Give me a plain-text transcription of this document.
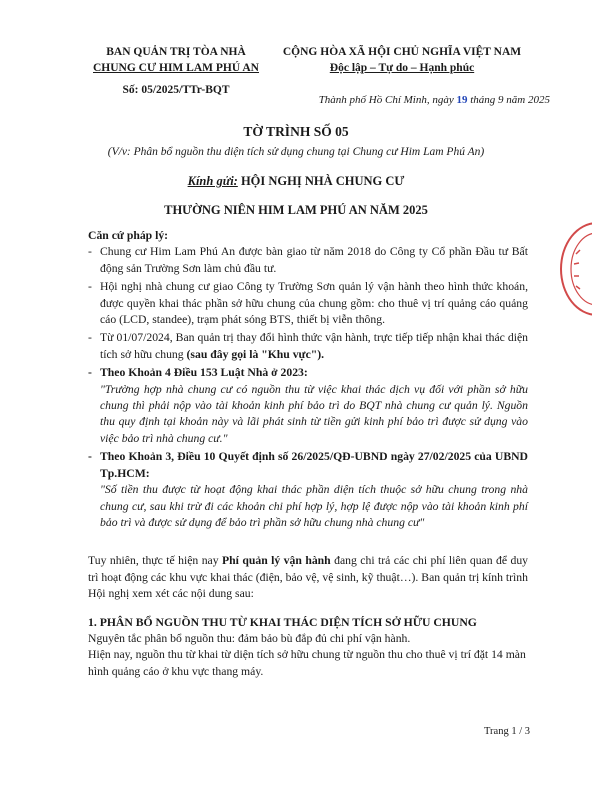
BAN QUẢN TRỊ TÒA NHÀ
CHUNG CƯ HIM LAM PHÚ AN
Số: 05/2025/TTr-BQT
CỘNG HÒA XÃ HỘI CHỦ NGHĨA VIỆT NAM
Độc lập – Tự do – Hạnh phúc
Thành phố Hồ Chí Minh, ngày 19 tháng 9 năm 2025
TỜ TRÌNH SỐ 05
(V/v: Phân bổ nguồn thu diện tích sử dụng chung tại Chung cư Him Lam Phú An)
Kính gửi: HỘI NGHỊ NHÀ CHUNG CƯ
THƯỜNG NIÊN HIM LAM PHÚ AN NĂM 2025

Căn cứ pháp lý:

- Chung cư Him Lam Phú An được bàn giao từ năm 2018 do Công ty Cổ phần Đầu tư Bất động sản Trường Sơn làm chủ đầu tư.
- Hội nghị nhà chung cư giao Công ty Trường Sơn quản lý vận hành theo hình thức khoán, được quyền khai thác phần sở hữu chung của chung gồm: cho thuê vị trí quảng cáo quảng cáo (LCD, standee), trạm phát sóng BTS, thiết bị viễn thông.
- Từ 01/07/2024, Ban quản trị thay đổi hình thức vận hành, trực tiếp tiếp nhận khai thác diện tích sở hữu chung (sau đây gọi là "Khu vực").
- Theo Khoản 4 Điều 153 Luật Nhà ở 2023:

"Trường hợp nhà chung cư có nguồn thu từ việc khai thác dịch vụ đối với phần sở hữu chung thì phải nộp vào tài khoản kinh phí bảo trì do BQT nhà chung cư quản lý. Nguồn thu quy định tại khoản này và lãi phát sinh từ tiền gửi kinh phí bảo trì được sử dụng vào việc bảo trì nhà chung cư."

- Theo Khoản 3, Điều 10 Quyết định số 26/2025/QĐ-UBND ngày 27/02/2025 của UBND Tp.HCM:

"Số tiền thu được từ hoạt động khai thác phần diện tích thuộc sở hữu chung trong nhà chung cư, sau khi trừ đi các khoản chi phí hợp lý, hợp lệ được nộp vào tài khoản kinh phí bảo trì và được sử dụng để bảo trì phần sở hữu chung nhà chung cư"

Tuy nhiên, thực tế hiện nay Phí quản lý vận hành đang chi trả các chi phí liên quan để duy trì hoạt động các khu vực khai thác (điện, bảo vệ, vệ sinh, kỹ thuật…). Ban quản trị kính trình Hội nghị xem xét các nội dung sau:

1. PHÂN BỔ NGUỒN THU TỪ KHAI THÁC DIỆN TÍCH SỞ HỮU CHUNG

Nguyên tắc phân bổ nguồn thu: đảm bảo bù đắp đủ chi phí vận hành.

Hiện nay, nguồn thu từ khai từ diện tích sở hữu chung từ nguồn thu cho thuê vị trí đặt 14 màn hình quảng cáo ở khu vực thang máy.

Trang 1 / 3
